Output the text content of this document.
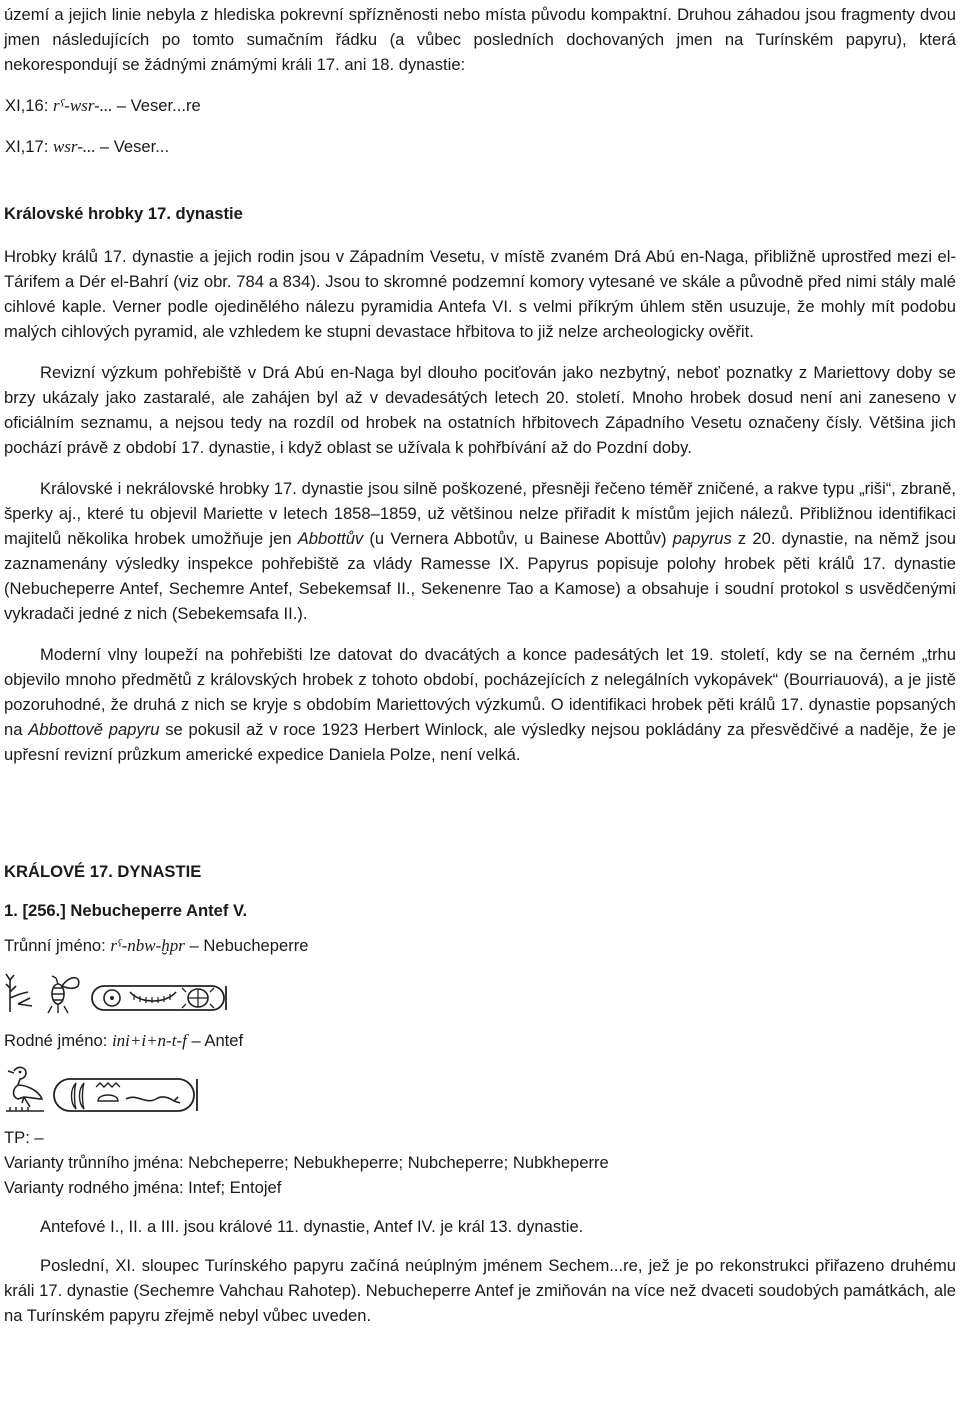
území a jejich linie nebyla z hlediska pokrevní spřízněnosti nebo místa původu kompaktní. Druhou záhadou jsou fragmenty dvou jmen následujících po tomto sumačním řádku (a vůbec posledních dochovaných jmen na Turínském papyru), která nekorespondují se žádnými známými králi 17. ani 18. dynastie:

XI,16: rˁ-wsr-... – Veser...re
XI,17: wsr-... – Veser...
Královské hrobky 17. dynastie

Hrobky králů 17. dynastie a jejich rodin jsou v Západním Vesetu, v místě zvaném Drá Abú en-Naga, přibližně uprostřed mezi el-Tárifem a Dér el-Bahrí (viz obr. 784 a 834). Jsou to skromné podzemní komory vytesané ve skále a původně před nimi stály malé cihlové kaple. Verner podle ojedinělého nálezu pyramidia Antefa VI. s velmi příkrým úhlem stěn usuzuje, že mohly mít podobu malých cihlových pyramid, ale vzhledem ke stupni devastace hřbitova to již nelze archeologicky ověřit.

Revizní výzkum pohřebiště v Drá Abú en-Naga byl dlouho pociťován jako nezbytný, neboť poznatky z Mariettovy doby se brzy ukázaly jako zastaralé, ale zahájen byl až v devadesátých letech 20. století. Mnoho hrobek dosud není ani zaneseno v oficiálním seznamu, a nejsou tedy na rozdíl od hrobek na ostatních hřbitovech Západního Vesetu označeny čísly. Většina jich pochází právě z období 17. dynastie, i když oblast se užívala k pohřbívání až do Pozdní doby.

Královské i nekrálovské hrobky 17. dynastie jsou silně poškozené, přesněji řečeno téměř zničené, a rakve typu „riši“, zbraně, šperky aj., které tu objevil Mariette v letech 1858–1859, už většinou nelze přiřadit k místům jejich nálezů. Přibližnou identifikaci majitelů několika hrobek umožňuje jen Abbottův (u Vernera Abbotův, u Bainese Abottův) papyrus z 20. dynastie, na němž jsou zaznamenány výsledky inspekce pohřebiště za vlády Ramesse IX. Papyrus popisuje polohy hrobek pěti králů 17. dynastie (Nebucheperre Antef, Sechemre Antef, Sebekemsaf II., Sekenenre Tao a Kamose) a obsahuje i soudní protokol s usvědčenými vykradači jedné z nich (Sebekemsafa II.).

Moderní vlny loupeží na pohřebišti lze datovat do dvacátých a konce padesátých let 19. století, kdy se na černém „trhu objevilo mnoho předmětů z královských hrobek z tohoto období, pocházejících z nelegálních vykopávek“ (Bourriauová), a je jistě pozoruhodné, že druhá z nich se kryje s obdobím Mariettových výzkumů. O identifikaci hrobek pěti králů 17. dynastie popsaných na Abbottově papyru se pokusil až v roce 1923 Herbert Winlock, ale výsledky nejsou pokládány za přesvědčivé a naděje, že je upřesní revizní průzkum americké expedice Daniela Polze, není velká.

KRÁLOVÉ 17. DYNASTIE
1. [256.] Nebucheperre Antef V.
Trůnní jméno: rˁ-nbw-ḫpr – Nebucheperre
Rodné jméno: ini+i+n-t-f – Antef
TP: –
Varianty trůnního jména: Nebcheperre; Nebukheperre; Nubcheperre; Nubkheperre
Varianty rodného jména: Intef; Entojef

Antefové I., II. a III. jsou králové 11. dynastie, Antef IV. je král 13. dynastie.

Poslední, XI. sloupec Turínského papyru začíná neúplným jménem Sechem...re, jež je po rekonstrukci přiřazeno druhému králi 17. dynastie (Sechemre Vahchau Rahotep). Nebucheperre Antef je zmiňován na více než dvaceti soudobých památkách, ale na Turínském papyru zřejmě nebyl vůbec uveden.
